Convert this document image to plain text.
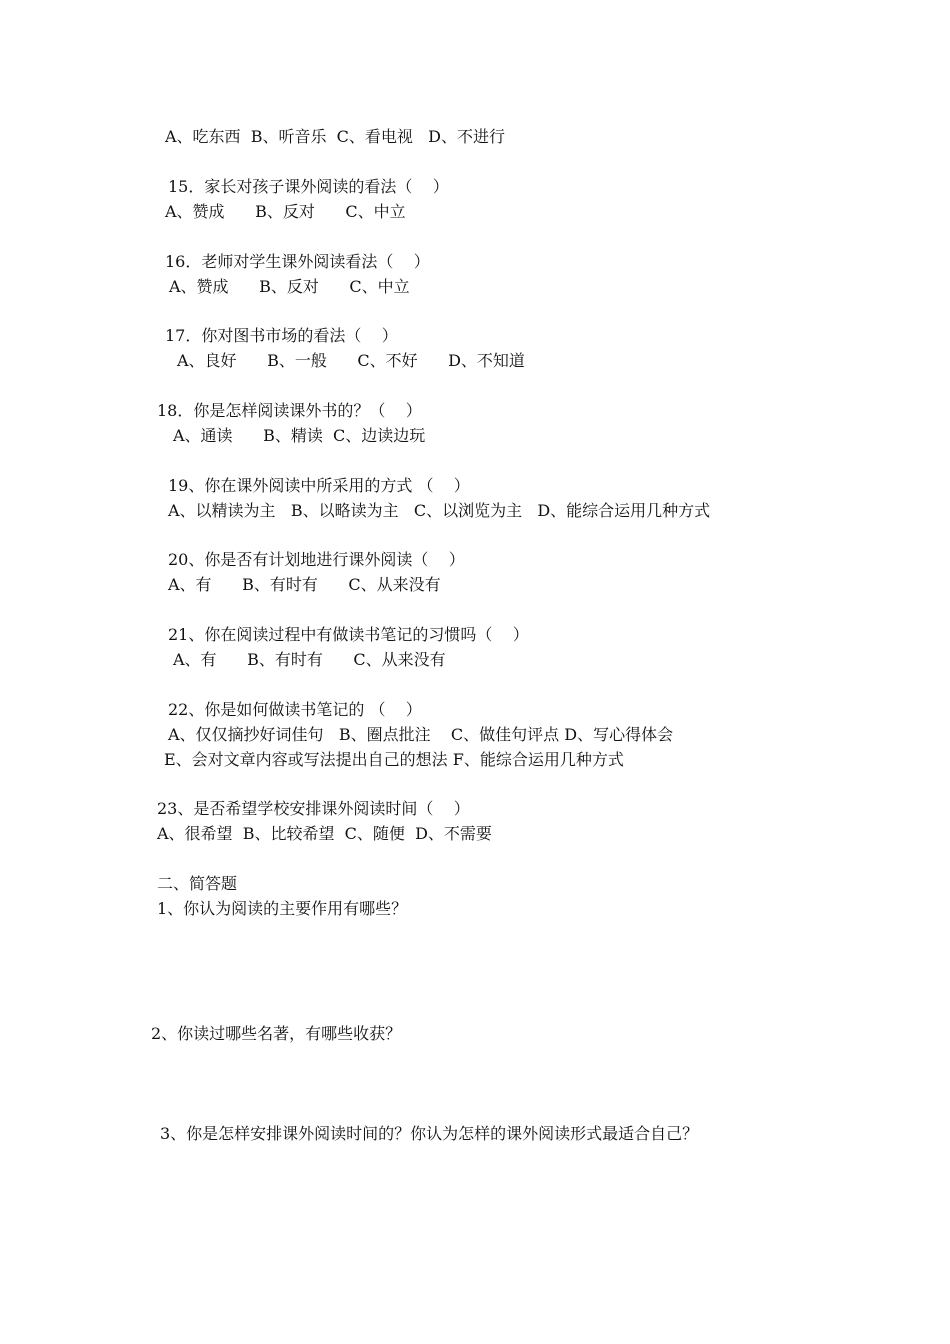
A、吃东西  B、听音乐  C、看电视   D、不进行
15．家长对孩子课外阅读的看法（    ）
A、赞成      B、反对      C、中立
16．老师对学生课外阅读看法（    ）
A、赞成      B、反对      C、中立
17．你对图书市场的看法（    ）
A、良好      B、一般      C、不好      D、不知道
18．你是怎样阅读课外书的？（    ）
A、通读      B、精读  C、边读边玩
19、你在课外阅读中所采用的方式 （    ）
A、以精读为主   B、以略读为主   C、以浏览为主   D、能综合运用几种方式
20、你是否有计划地进行课外阅读（    ）
A、有      B、有时有      C、从来没有
21、你在阅读过程中有做读书笔记的习惯吗（    ）
A、有      B、有时有      C、从来没有
22、你是如何做读书笔记的 （    ）
A、仅仅摘抄好词佳句   B、圈点批注    C、做佳句评点 D、写心得体会
E、会对文章内容或写法提出自己的想法 F、能综合运用几种方式
23、是否希望学校安排课外阅读时间（    ）
A、很希望  B、比较希望  C、随便  D、不需要
二、简答题
1、你认为阅读的主要作用有哪些？
2、你读过哪些名著，有哪些收获？
3、你是怎样安排课外阅读时间的？你认为怎样的课外阅读形式最适合自己？
